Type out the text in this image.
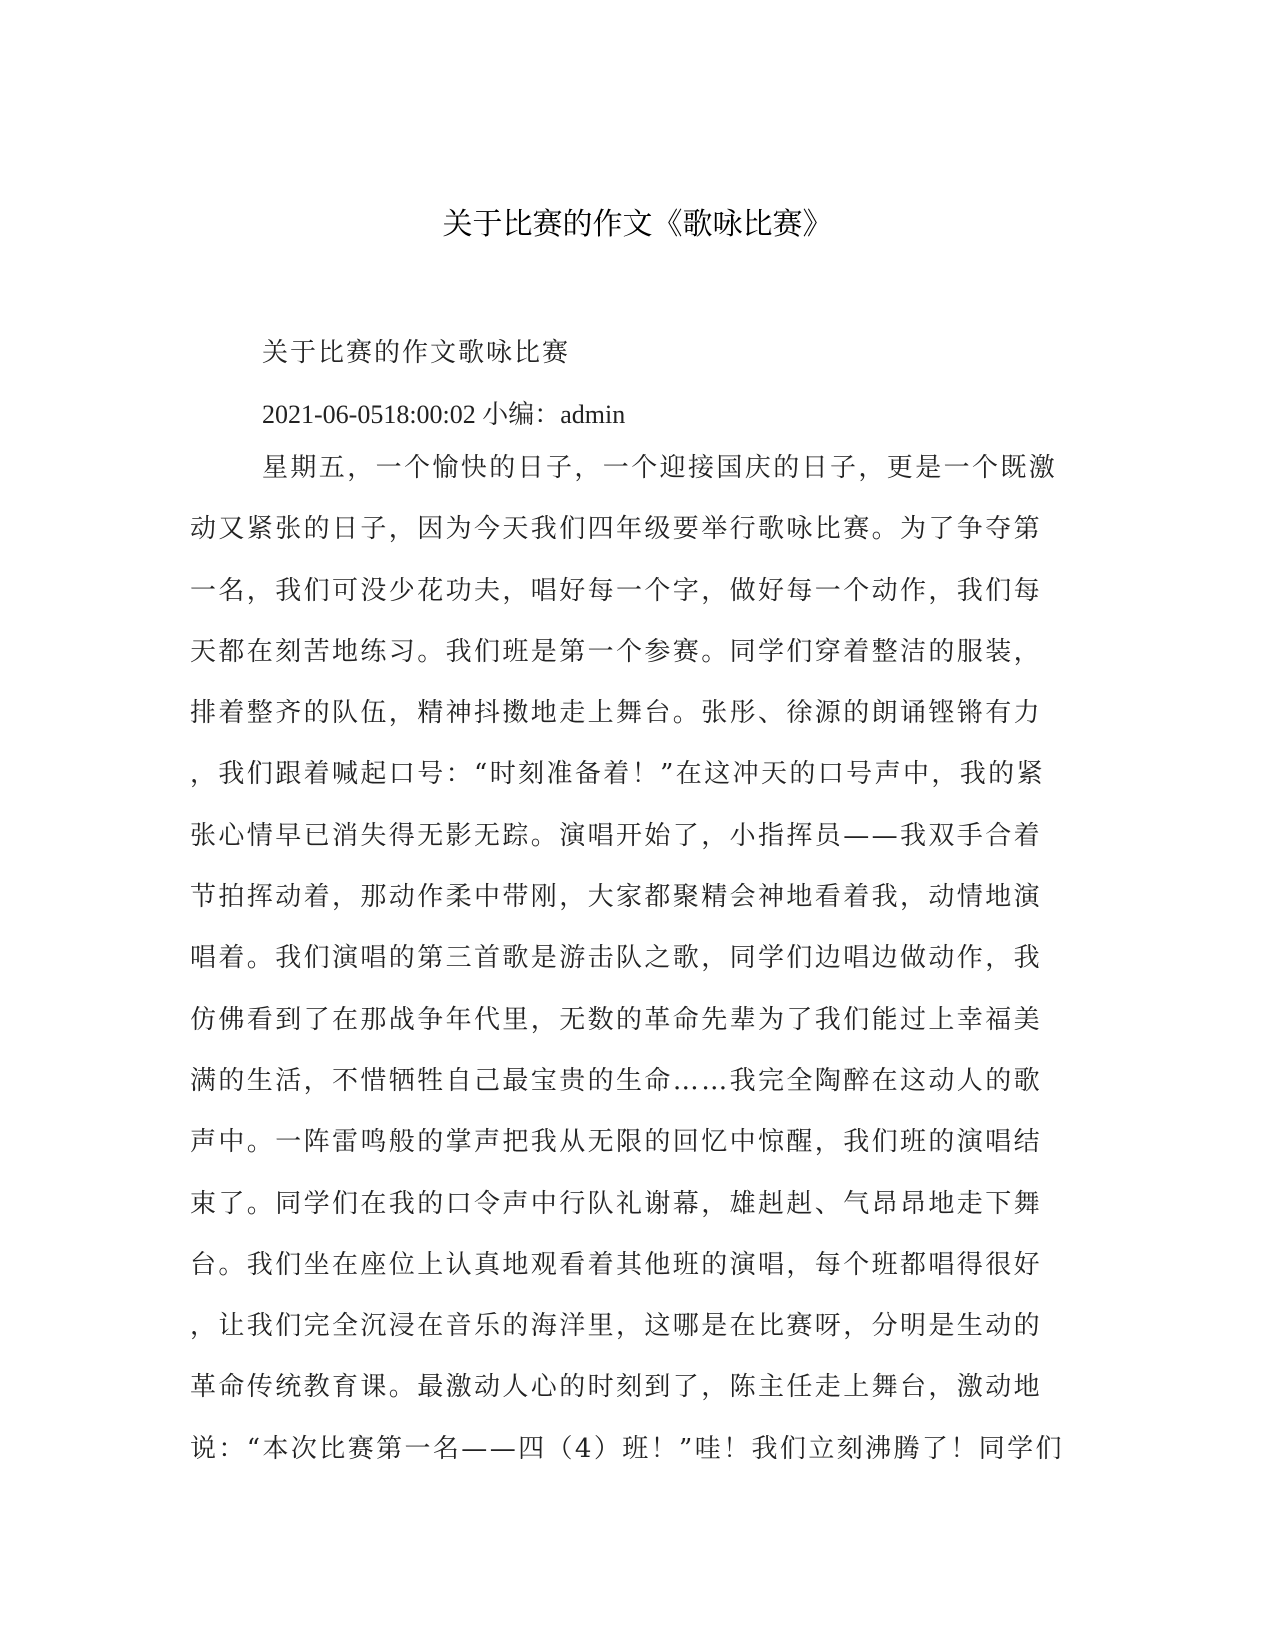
关于比赛的作文《歌咏比赛》

关于比赛的作文歌咏比赛

2021-06-0518:00:02 小编：admin

星期五，一个愉快的日子，一个迎接国庆的日子，更是一个既激
动又紧张的日子，因为今天我们四年级要举行歌咏比赛。为了争夺第
一名，我们可没少花功夫，唱好每一个字，做好每一个动作，我们每
天都在刻苦地练习。我们班是第一个参赛。同学们穿着整洁的服装，
排着整齐的队伍，精神抖擞地走上舞台。张彤、徐源的朗诵铿锵有力
，我们跟着喊起口号：“时刻准备着！”在这冲天的口号声中，我的紧
张心情早已消失得无影无踪。演唱开始了，小指挥员——我双手合着
节拍挥动着，那动作柔中带刚，大家都聚精会神地看着我，动情地演
唱着。我们演唱的第三首歌是游击队之歌，同学们边唱边做动作，我
仿佛看到了在那战争年代里，无数的革命先辈为了我们能过上幸福美
满的生活，不惜牺牲自己最宝贵的生命……我完全陶醉在这动人的歌
声中。一阵雷鸣般的掌声把我从无限的回忆中惊醒，我们班的演唱结
束了。同学们在我的口令声中行队礼谢幕，雄赳赳、气昂昂地走下舞
台。我们坐在座位上认真地观看着其他班的演唱，每个班都唱得很好
，让我们完全沉浸在音乐的海洋里，这哪是在比赛呀，分明是生动的
革命传统教育课。最激动人心的时刻到了，陈主任走上舞台，激动地
说：“本次比赛第一名——四（4）班！”哇！我们立刻沸腾了！同学们
